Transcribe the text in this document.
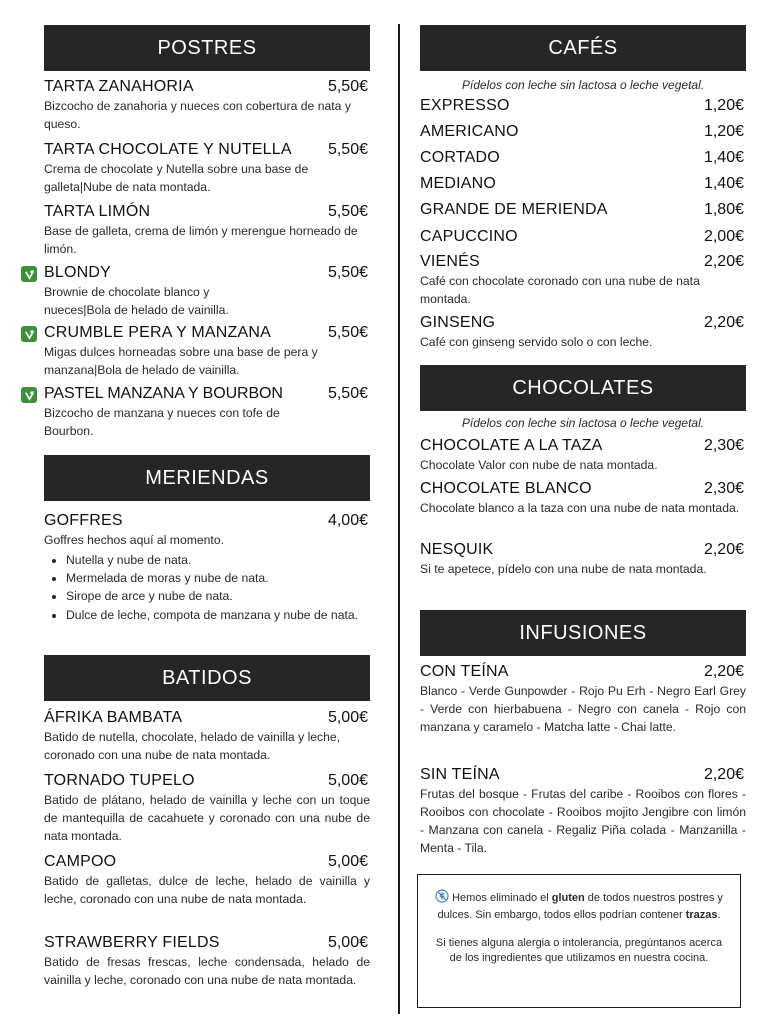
POSTRES
TARTA ZANAHORIA	5,50€
Bizcocho de zanahoria y nueces con cobertura de nata y queso.
TARTA CHOCOLATE Y NUTELLA 5,50€
Crema de chocolate y Nutella sobre una base de galleta|Nube de nata montada.
TARTA LIMÓN	5,50€
Base de galleta, crema de limón y merengue horneado de limón.
BLONDY	5,50€
Brownie de chocolate blanco y nueces|Bola de helado de vainilla.
CRUMBLE PERA Y MANZANA	5,50€
Migas dulces horneadas sobre una base de pera y manzana|Bola de helado de vainilla.
PASTEL MANZANA Y BOURBON	5,50€
Bizcocho de manzana y nueces con tofe de Bourbon.
MERIENDAS
GOFFRES	4,00€
Goffres hechos aquí al momento.
• Nutella y nube de nata.
• Mermelada de moras y nube de nata.
• Sirope de arce y nube de nata.
• Dulce de leche, compota de manzana y nube de nata.
BATIDOS
ÁFRIKA BAMBATA	5,00€
Batido de nutella, chocolate, helado de vainilla y leche, coronado con una nube de nata montada.
TORNADO TUPELO	5,00€
Batido de plátano, helado de vainilla y leche con un toque de mantequilla de cacahuete y coronado con una nube de nata montada.
CAMPOO	5,00€
Batido de galletas, dulce de leche, helado de vainilla y leche, coronado con una nube de nata montada.
STRAWBERRY FIELDS	5,00€
Batido de fresas frescas, leche condensada, helado de vainilla y leche, coronado con una nube de nata montada.
CAFÉS
Pídelos con leche sin lactosa o leche vegetal.
EXPRESSO	1,20€
AMERICANO	1,20€
CORTADO	1,40€
MEDIANO	1,40€
GRANDE DE MERIENDA	1,80€
CAPUCCINO	2,00€
VIENÉS	2,20€
Café con chocolate coronado con una nube de nata montada.
GINSENG	2,20€
Café con ginseng servido solo o con leche.
CHOCOLATES
Pídelos con leche sin lactosa o leche vegetal.
CHOCOLATE A LA TAZA	2,30€
Chocolate Valor con nube de nata montada.
CHOCOLATE BLANCO	2,30€
Chocolate blanco a la taza con una nube de nata montada.
NESQUIK	2,20€
Si te apetece, pídelo con una nube de nata montada.
INFUSIONES
CON TEÍNA	2,20€
Blanco - Verde Gunpowder - Rojo Pu Erh - Negro Earl Grey - Verde con hierbabuena - Negro con canela - Rojo con manzana y caramelo - Matcha latte - Chai latte.
SIN TEÍNA	2,20€
Frutas del bosque - Frutas del caribe - Rooibos con flores - Rooibos con chocolate - Rooibos mojito Jengibre con limón - Manzana con canela - Regaliz Piña colada - Manzanilla - Menta - Tila.

Hemos eliminado el gluten de todos nuestros postres y dulces. Sin embargo, todos ellos podrían contener trazas.

Si tienes alguna alergia o intolerancia, pregúntanos acerca de los ingredientes que utilizamos en nuestra cocina.
